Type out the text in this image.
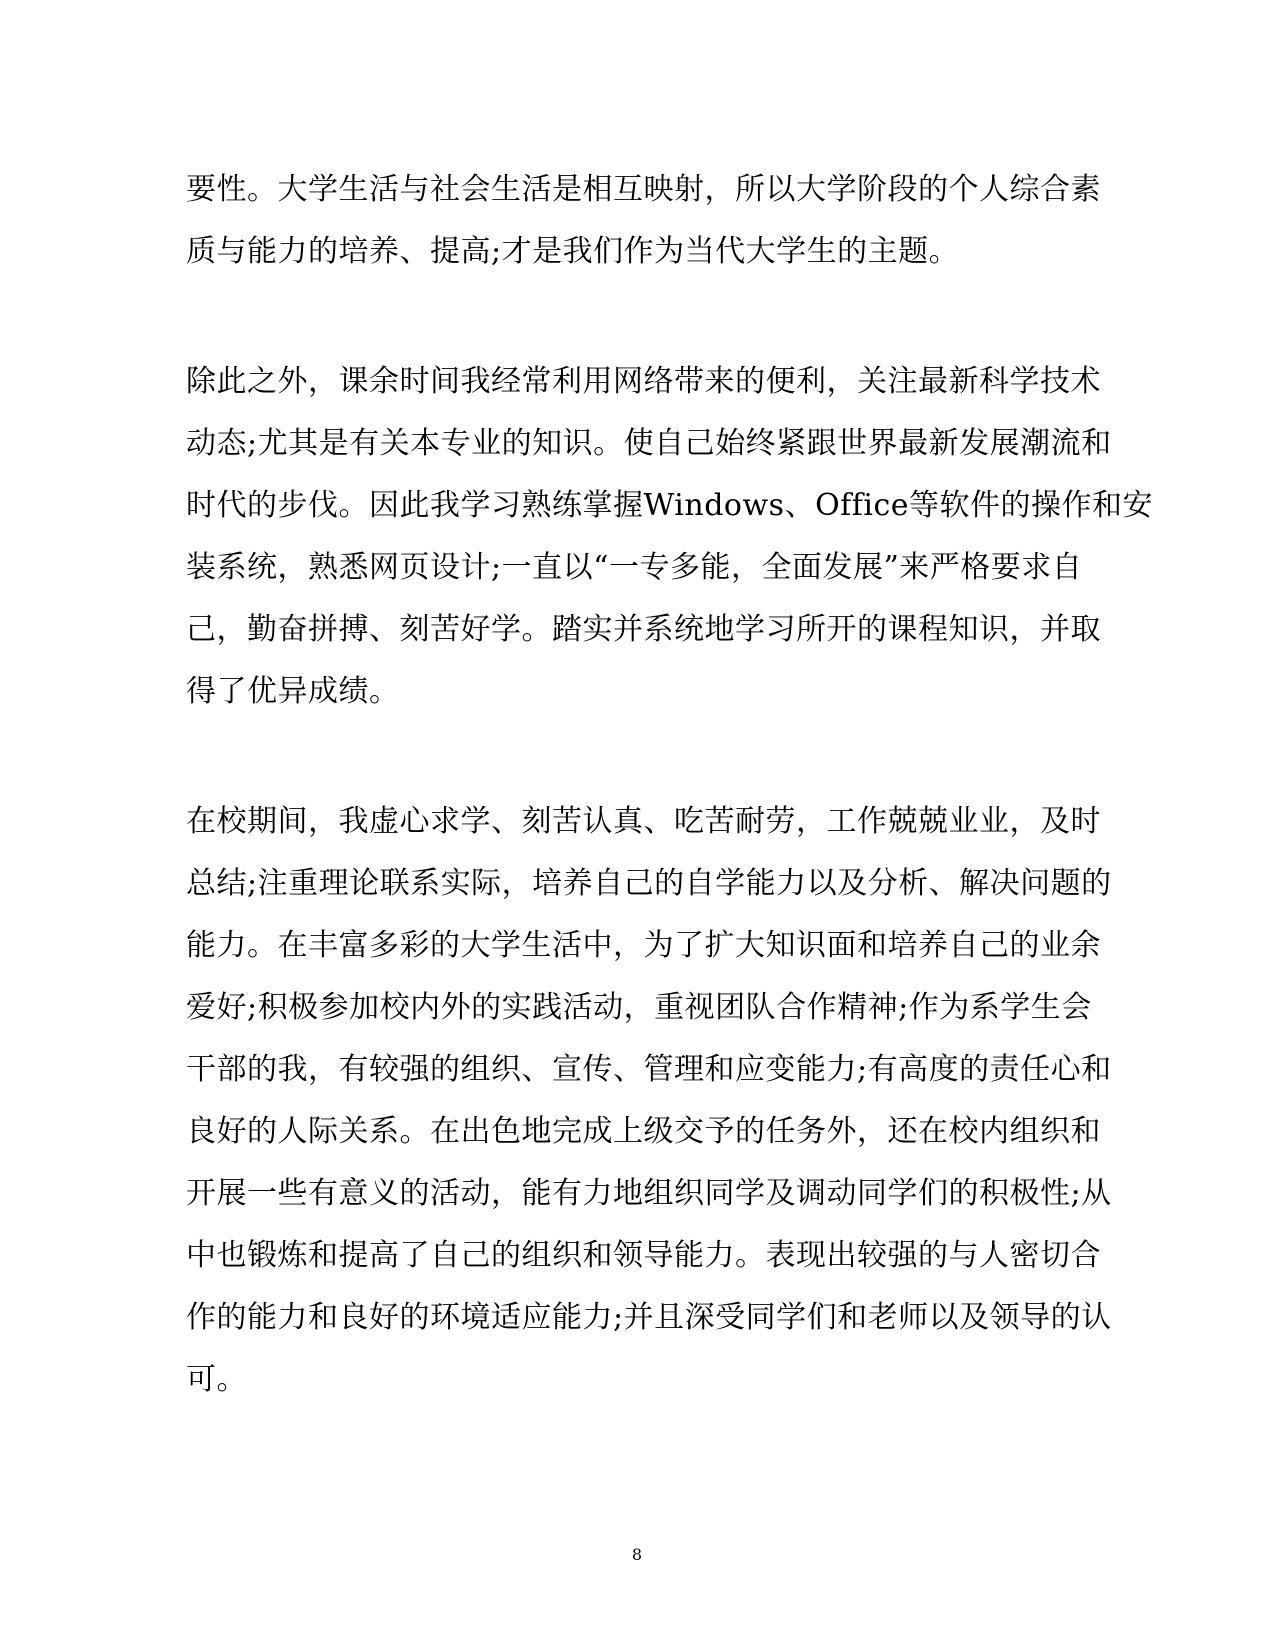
要性。大学生活与社会生活是相互映射，所以大学阶段的个人综合素
质与能力的培养、提高;才是我们作为当代大学生的主题。
除此之外，课余时间我经常利用网络带来的便利，关注最新科学技术
动态;尤其是有关本专业的知识。使自己始终紧跟世界最新发展潮流和
时代的步伐。因此我学习熟练掌握Windows、Office等软件的操作和安
装系统，熟悉网页设计;一直以“一专多能，全面发展”来严格要求自
己，勤奋拼搏、刻苦好学。踏实并系统地学习所开的课程知识，并取
得了优异成绩。
在校期间，我虚心求学、刻苦认真、吃苦耐劳，工作兢兢业业，及时
总结;注重理论联系实际，培养自己的自学能力以及分析、解决问题的
能力。在丰富多彩的大学生活中，为了扩大知识面和培养自己的业余
爱好;积极参加校内外的实践活动，重视团队合作精神;作为系学生会
干部的我，有较强的组织、宣传、管理和应变能力;有高度的责任心和
良好的人际关系。在出色地完成上级交予的任务外，还在校内组织和
开展一些有意义的活动，能有力地组织同学及调动同学们的积极性;从
中也锻炼和提高了自己的组织和领导能力。表现出较强的与人密切合
作的能力和良好的环境适应能力;并且深受同学们和老师以及领导的认
可。
8
